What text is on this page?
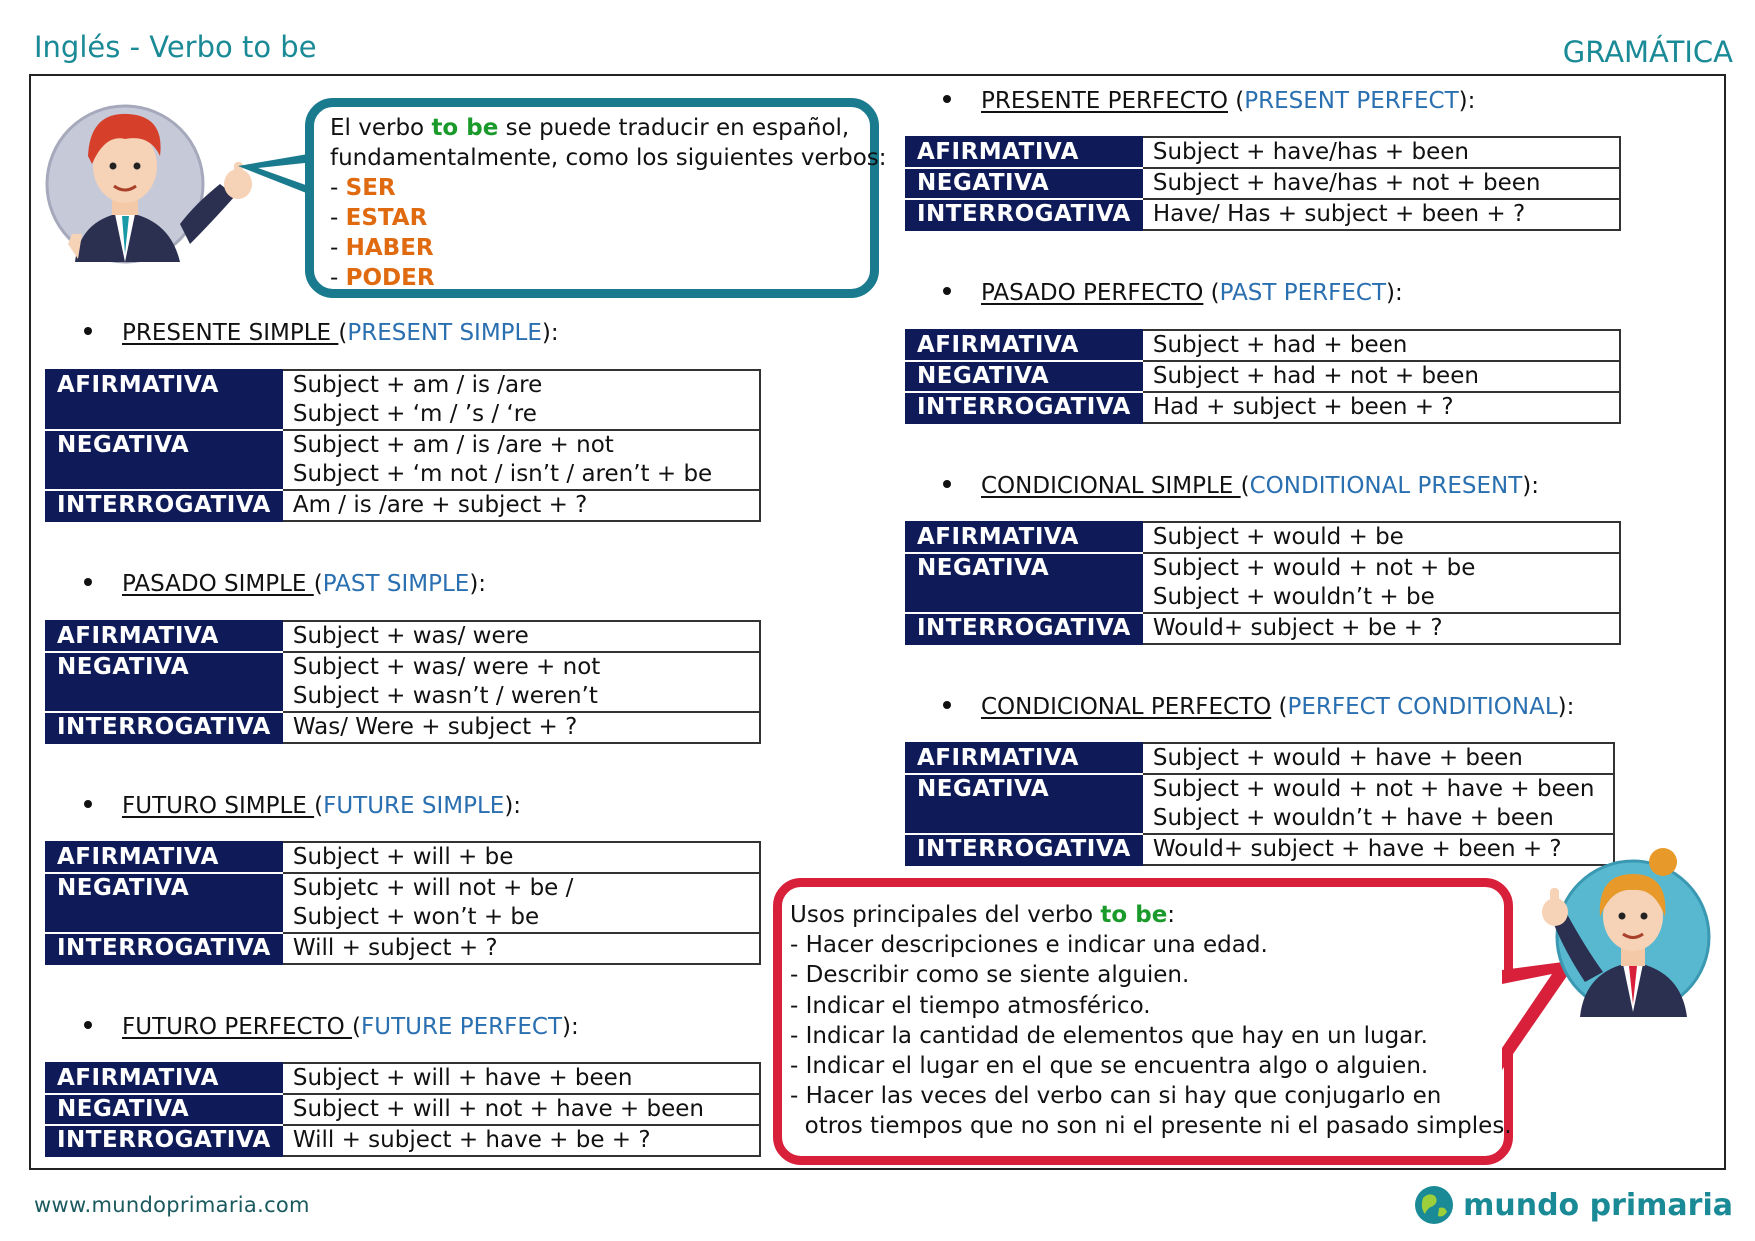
Inglés - Verbo to be	GRAMÁTICA
El verbo to be se puede traducir en español,
fundamentalmente, como los siguientes verbos:
- SER
- ESTAR
- HABER
- PODER
PRESENTE SIMPLE (PRESENT SIMPLE):
AFIRMATIVA	Subject + am / is /are
Subject + ‘m / ’s / ‘re

NEGATIVA	Subject + am / is /are + not
Subject + ‘m not / isn’t / aren’t + be

INTERROGATIVA	Am / is /are + subject + ?
PASADO SIMPLE (PAST SIMPLE):
AFIRMATIVA	Subject + was/ were
NEGATIVA	Subject + was/ were + not
Subject + wasn’t / weren’t

INTERROGATIVA	Was/ Were + subject + ?
FUTURO SIMPLE (FUTURE SIMPLE):
AFIRMATIVA	Subject + will + be
NEGATIVA	Subjetc + will not + be /
Subject + won’t + be

INTERROGATIVA	Will + subject + ?
FUTURO PERFECTO (FUTURE PERFECT):
AFIRMATIVA	Subject + will + have + been
NEGATIVA	Subject + will + not + have + been
INTERROGATIVA	Will + subject + have + be + ?
PRESENTE PERFECTO (PRESENT PERFECT):
AFIRMATIVA	Subject + have/has + been
NEGATIVA	Subject + have/has + not + been
INTERROGATIVA	Have/ Has + subject + been + ?
PASADO PERFECTO (PAST PERFECT):
AFIRMATIVA	Subject + had + been
NEGATIVA	Subject + had + not + been
INTERROGATIVA	Had + subject + been + ?
CONDICIONAL SIMPLE (CONDITIONAL PRESENT):
AFIRMATIVA	Subject + would + be
NEGATIVA	Subject + would + not + be
Subject + wouldn’t + be

INTERROGATIVA	Would+ subject + be + ?
CONDICIONAL PERFECTO (PERFECT CONDITIONAL):
AFIRMATIVA	Subject + would + have + been
NEGATIVA	Subject + would + not + have + been
Subject + wouldn’t + have + been

INTERROGATIVA	Would+ subject + have + been + ?
Usos principales del verbo to be:
- Hacer descripciones e indicar una edad.
- Describir como se siente alguien.
- Indicar el tiempo atmosférico.
- Indicar la cantidad de elementos que hay en un lugar.
- Indicar el lugar en el que se encuentra algo o alguien.
- Hacer las veces del verbo can si hay que conjugarlo en
otros tiempos que no son ni el presente ni el pasado simples.
www.mundoprimaria.com	mundo primaria
